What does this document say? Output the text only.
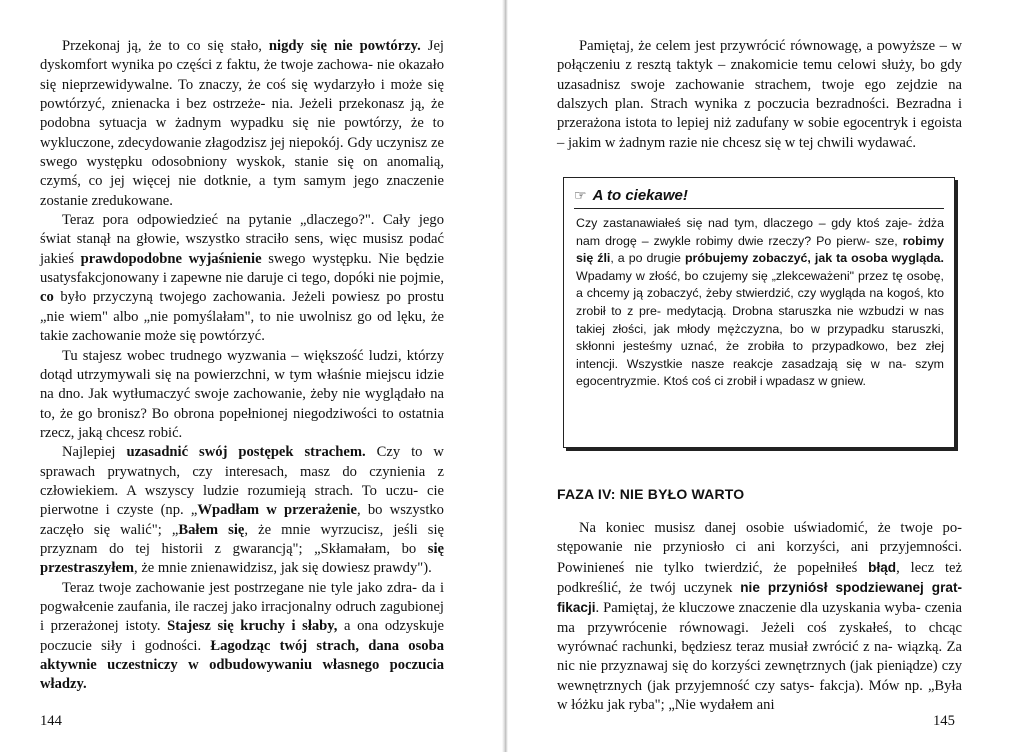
Przekonaj ją, że to co się stało, nigdy się nie powtórzy. Jej dyskomfort wynika po części z faktu, że twoje zachowa- nie okazało się nieprzewidywalne. To znaczy, że coś się wydarzyło i może się powtórzyć, znienacka i bez ostrzeże- nia. Jeżeli przekonasz ją, że podobna sytuacja w żadnym wypadku się nie powtórzy, że to wykluczone, zdecydowanie złagodzisz jej niepokój. Gdy uczynisz ze swego występku odosobniony wyskok, stanie się on anomalią, czymś, co jej więcej nie dotknie, a tym samym jego znaczenie zostanie zredukowane.

Teraz pora odpowiedzieć na pytanie „dlaczego?". Cały jego świat stanął na głowie, wszystko straciło sens, więc musisz podać jakieś prawdopodobne wyjaśnienie swego występku. Nie będzie usatysfakcjonowany i zapewne nie daruje ci tego, dopóki nie pojmie, co było przyczyną twojego zachowania. Jeżeli powiesz po prostu „nie wiem" albo „nie pomyślałam", to nie uwolnisz go od lęku, że takie zachowanie może się powtórzyć.

Tu stajesz wobec trudnego wyzwania – większość ludzi, którzy dotąd utrzymywali się na powierzchni, w tym właśnie miejscu idzie na dno. Jak wytłumaczyć swoje zachowanie, żeby nie wyglądało na to, że go bronisz? Bo obrona popełnionej niegodziwości to ostatnia rzecz, jaką chcesz robić.

Najlepiej uzasadnić swój postępek strachem. Czy to w sprawach prywatnych, czy interesach, masz do czynienia z człowiekiem. A wszyscy ludzie rozumieją strach. To uczu- cie pierwotne i czyste (np. „Wpadłam w przerażenie, bo wszystko zaczęło się walić"; „Bałem się, że mnie wyrzucisz, jeśli się przyznam do tej historii z gwarancją"; „Skłamałam, bo się przestraszyłem, że mnie znienawidzisz, jak się dowiesz prawdy").

Teraz twoje zachowanie jest postrzegane nie tyle jako zdra- da i pogwałcenie zaufania, ile raczej jako irracjonalny odruch zagubionej i przerażonej istoty. Stajesz się kruchy i słaby, a ona odzyskuje poczucie siły i godności. Łagodząc twój strach, dana osoba aktywnie uczestniczy w odbudowywaniu własnego poczucia władzy.

144

Pamiętaj, że celem jest przywrócić równowagę, a powyższe – w połączeniu z resztą taktyk – znakomicie temu celowi służy, bo gdy uzasadnisz swoje zachowanie strachem, twoje ego zejdzie na dalszych plan. Strach wynika z poczucia bezradności. Bezradna i przerażona istota to lepiej niż zadufany w sobie egocentryk i egoista – jakim w żadnym razie nie chcesz się w tej chwili wydawać.

☞ A to ciekawe!
Czy zastanawiałeś się nad tym, dlaczego – gdy ktoś zaje- żdża nam drogę – zwykle robimy dwie rzeczy? Po pierw- sze, robimy się źli, a po drugie próbujemy zobaczyć, jak ta osoba wygląda. Wpadamy w złość, bo czujemy się „zlekceważeni" przez tę osobę, a chcemy ją zobaczyć, żeby stwierdzić, czy wygląda na kogoś, kto zrobił to z pre- medytacją. Drobna staruszka nie wzbudzi w nas takiej złości, jak młody mężczyzna, bo w przypadku staruszki, skłonni jesteśmy uznać, że zrobiła to przypadkowo, bez złej intencji. Wszystkie nasze reakcje zasadzają się w na- szym egocentryzmie. Ktoś coś ci zrobił i wpadasz w gniew.
FAZA IV: NIE BYŁO WARTO

Na koniec musisz danej osobie uświadomić, że twoje po- stępowanie nie przyniosło ci ani korzyści, ani przyjemności. Powinieneś nie tylko twierdzić, że popełniłeś błąd, lecz też podkreślić, że twój uczynek nie przyniósł spodziewanej grat- fikacji. Pamiętaj, że kluczowe znaczenie dla uzyskania wyba- czenia ma przywrócenie równowagi. Jeżeli coś zyskałeś, to chcąc wyrównać rachunki, będziesz teraz musiał zwrócić z na- wiązką. Za nic nie przyznawaj się do korzyści zewnętrznych (jak pieniądze) czy wewnętrznych (jak przyjemność czy satys- fakcja). Mów np. „Była w łóżku jak ryba"; „Nie wydałem ani

145
